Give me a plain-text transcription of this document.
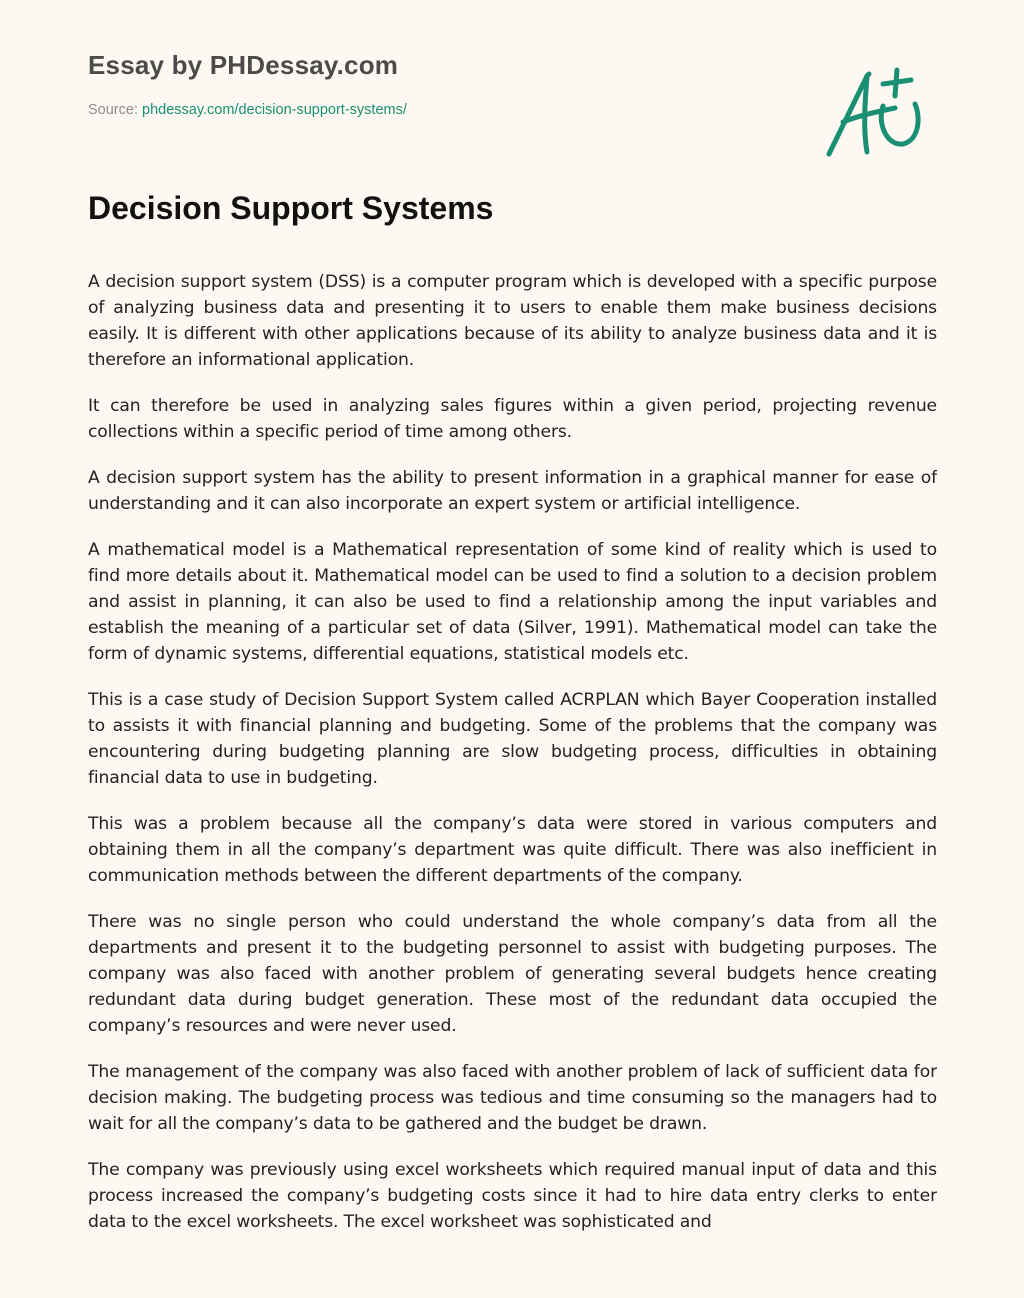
Essay by PHDessay.com
Source: phdessay.com/decision-support-systems/
Decision Support Systems

A decision support system (DSS) is a computer program which is developed with a specific purpose of analyzing business data and presenting it to users to enable them make business decisions easily. It is different with other applications because of its ability to analyze business data and it is therefore an informational application.

It can therefore be used in analyzing sales figures within a given period, projecting revenue collections within a specific period of time among others.

A decision support system has the ability to present information in a graphical manner for ease of understanding and it can also incorporate an expert system or artificial intelligence.

A mathematical model is a Mathematical representation of some kind of reality which is used to find more details about it. Mathematical model can be used to find a solution to a decision problem and assist in planning, it can also be used to find a relationship among the input variables and establish the meaning of a particular set of data (Silver, 1991). Mathematical model can take the form of dynamic systems, differential equations, statistical models etc.

This is a case study of Decision Support System called ACRPLAN which Bayer Cooperation installed to assists it with financial planning and budgeting. Some of the problems that the company was encountering during budgeting planning are slow budgeting process, difficulties in obtaining financial data to use in budgeting.

This was a problem because all the company’s data were stored in various computers and obtaining them in all the company’s department was quite difficult. There was also inefficient in communication methods between the different departments of the company.

There was no single person who could understand the whole company’s data from all the departments and present it to the budgeting personnel to assist with budgeting purposes. The company was also faced with another problem of generating several budgets hence creating redundant data during budget generation. These most of the redundant data occupied the company’s resources and were never used.

The management of the company was also faced with another problem of lack of sufficient data for decision making. The budgeting process was tedious and time consuming so the managers had to wait for all the company’s data to be gathered and the budget be drawn.

The company was previously using excel worksheets which required manual input of data and this process increased the company’s budgeting costs since it had to hire data entry clerks to enter data to the excel worksheets. The excel worksheet was sophisticated and
